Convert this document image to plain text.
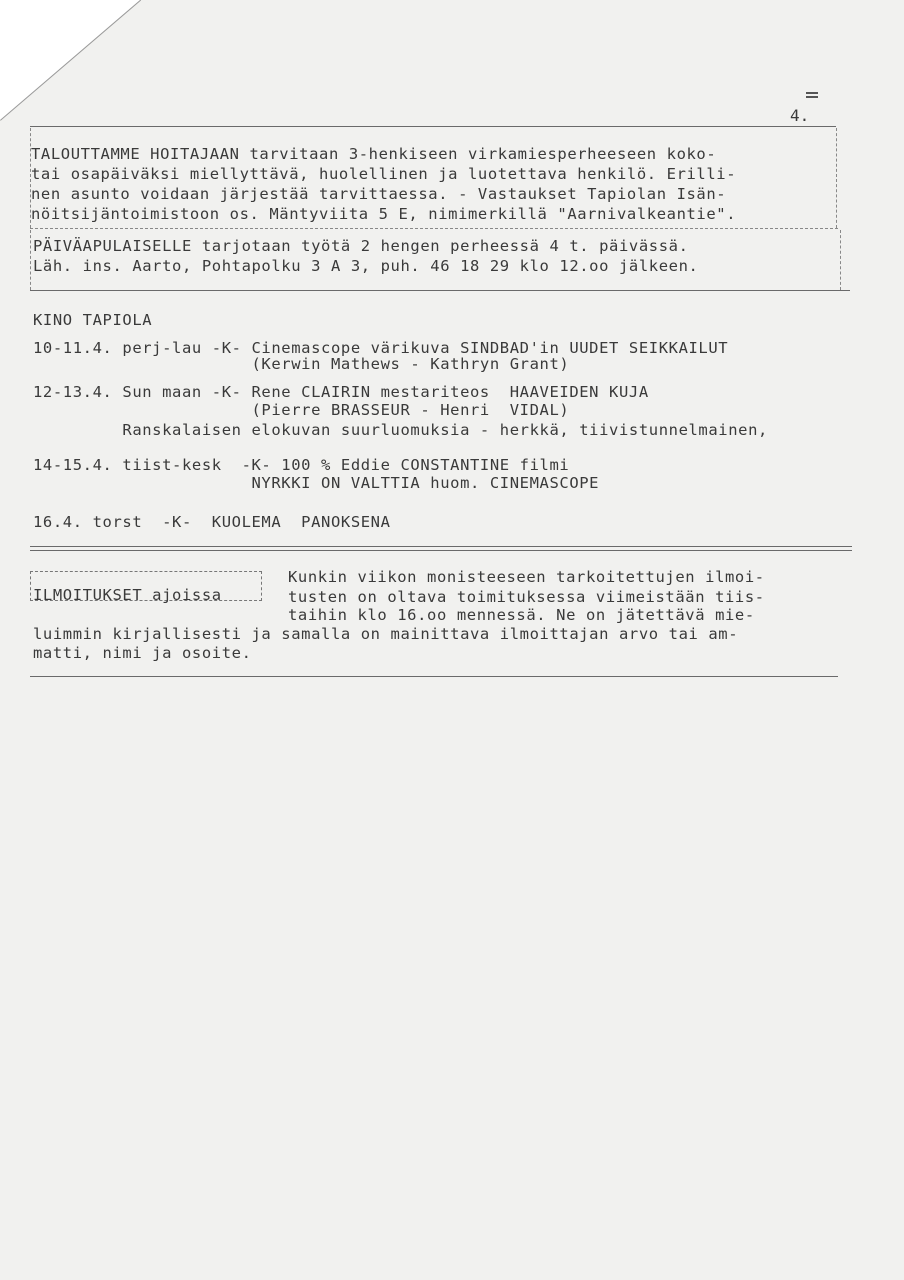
4.
TALOUTTAMME HOITAJAAN tarvitaan 3-henkiseen virkamiesperheeseen koko-
tai osapäiväksi miellyttävä, huolellinen ja luotettava henkilö. Erilli-
nen asunto voidaan järjestää tarvittaessa. - Vastaukset Tapiolan Isän-
nöitsijäntoimistoon os. Mäntyviita 5 E, nimimerkillä "Aarnivalkeantie".
PÄIVÄAPULAISELLE tarjotaan työtä 2 hengen perheessä 4 t. päivässä.
Läh. ins. Aarto, Pohtapolku 3 A 3, puh. 46 18 29 klo 12.oo jälkeen.
KINO TAPIOLA
10-11.4. perj-lau -K- Cinemascope värikuva SINDBAD'in UUDET SEIKKAILUT
(Kerwin Mathews - Kathryn Grant)
12-13.4. Sun maan -K- Rene CLAIRIN mestariteos  HAAVEIDEN KUJA
(Pierre BRASSEUR - Henri  VIDAL)
Ranskalaisen elokuvan suurluomuksia - herkkä, tiivistunnelmainen,
14-15.4. tiist-kesk  -K- 100 % Eddie CONSTANTINE filmi
NYRKKI ON VALTTIA huom. CINEMASCOPE
16.4. torst  -K-  KUOLEMA  PANOKSENA
ILMOITUKSET ajoissa
Kunkin viikon monisteeseen tarkoitettujen ilmoi-
tusten on oltava toimituksessa viimeistään tiis-
taihin klo 16.oo mennessä. Ne on jätettävä mie-
luimmin kirjallisesti ja samalla on mainittava ilmoittajan arvo tai am-
matti, nimi ja osoite.
